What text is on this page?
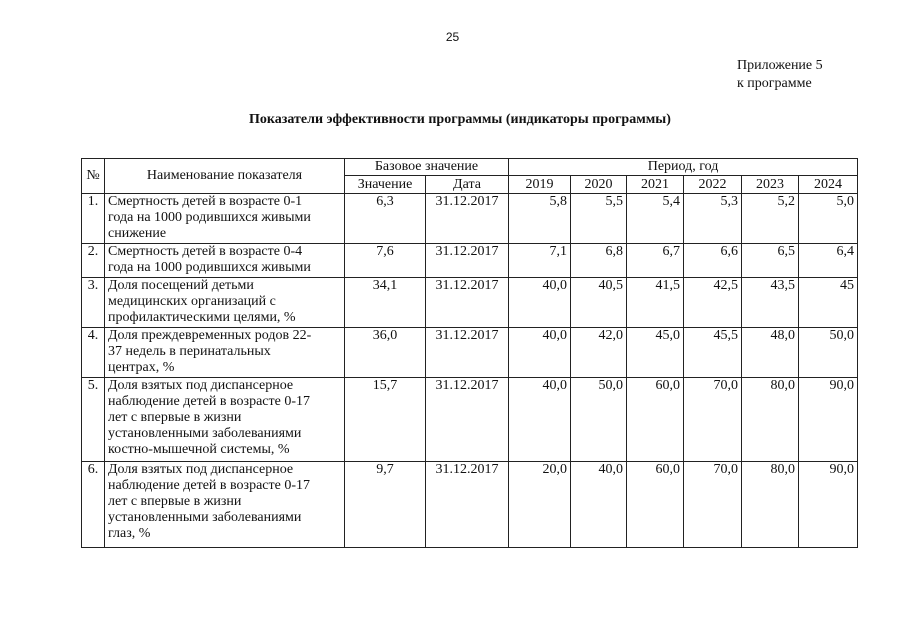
25
Приложение 5
к программе
Показатели эффективности программы (индикаторы программы)
№	Наименование показателя	Базовое значение		Период, год					
		Значение	Дата	2019	2020	2021	2022	2023	2024
1.	Смертность детей в возрасте 0-1
года на 1000 родившихся живыми
снижение	6,3	31.12.2017	5,8	5,5	5,4	5,3	5,2	5,0
2.	Смертность детей в возрасте 0-4
года на 1000 родившихся живыми	7,6	31.12.2017	7,1	6,8	6,7	6,6	6,5	6,4
3.	Доля посещений детьми
медицинских организаций с
профилактическими целями, %	34,1	31.12.2017	40,0	40,5	41,5	42,5	43,5	45
4.	Доля преждевременных родов 22-
37 недель в перинатальных
центрах, %	36,0	31.12.2017	40,0	42,0	45,0	45,5	48,0	50,0
5.	Доля взятых под диспансерное
наблюдение детей в возрасте 0-17
лет с впервые в жизни
установленными заболеваниями
костно-мышечной системы, %	15,7	31.12.2017	40,0	50,0	60,0	70,0	80,0	90,0
6.	Доля взятых под диспансерное
наблюдение детей в возрасте 0-17
лет с впервые в жизни
установленными заболеваниями
глаз, %	9,7	31.12.2017	20,0	40,0	60,0	70,0	80,0	90,0
